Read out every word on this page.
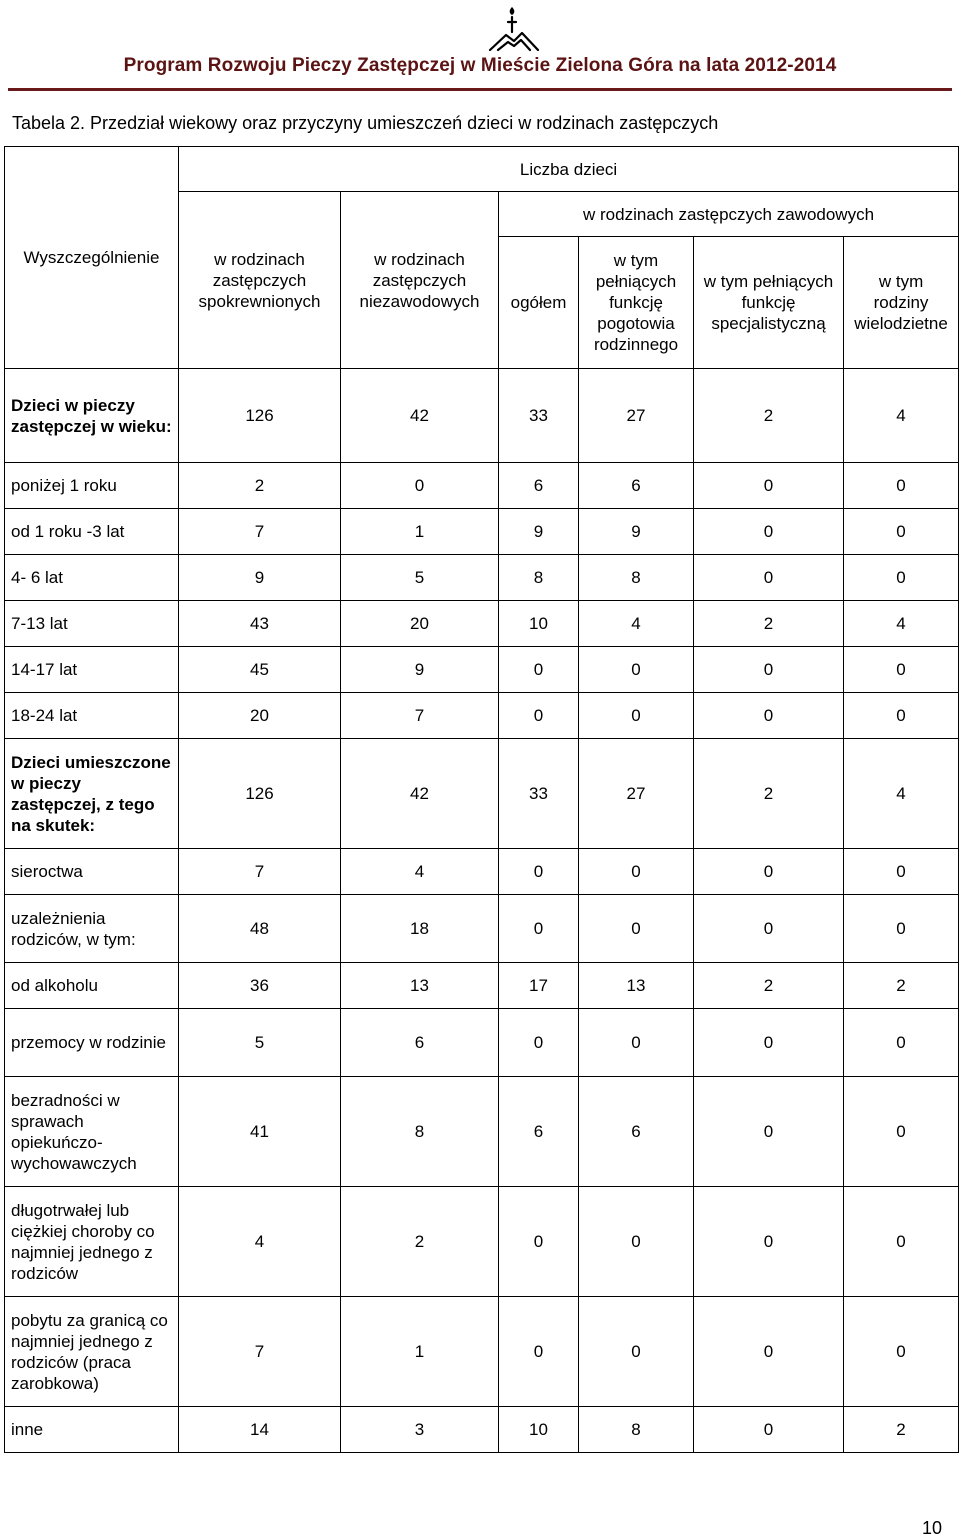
Program Rozwoju Pieczy Zastępczej w Mieście Zielona Góra na lata 2012-2014
Tabela 2. Przedział wiekowy oraz przyczyny umieszczeń dzieci w rodzinach zastępczych
Wyszczególnienie	Liczba dzieci					
	w rodzinach zastępczych spokrewnionych	w rodzinach zastępczych niezawodowych	w rodzinach zastępczych zawodowych			
			ogółem	w tym pełniących funkcję pogotowia rodzinnego	w tym pełniących funkcję specjalistyczną	w tym rodziny wielodzietne
Dzieci w pieczy zastępczej w wieku:	126	42	33	27	2	4
poniżej 1 roku	2	0	6	6	0	0
od 1 roku -3 lat	7	1	9	9	0	0
4- 6 lat	9	5	8	8	0	0
7-13 lat	43	20	10	4	2	4
14-17 lat	45	9	0	0	0	0
18-24 lat	20	7	0	0	0	0
Dzieci umieszczone w pieczy zastępczej, z tego na skutek:	126	42	33	27	2	4
sieroctwa	7	4	0	0	0	0
uzależnienia rodziców, w tym:	48	18	0	0	0	0
od alkoholu	36	13	17	13	2	2
przemocy w rodzinie	5	6	0	0	0	0
bezradności w sprawach opiekuńczo-wychowawczych	41	8	6	6	0	0
długotrwałej lub ciężkiej choroby co najmniej jednego z rodziców	4	2	0	0	0	0
pobytu za granicą co najmniej jednego z rodziców (praca zarobkowa)	7	1	0	0	0	0
inne	14	3	10	8	0	2
10
